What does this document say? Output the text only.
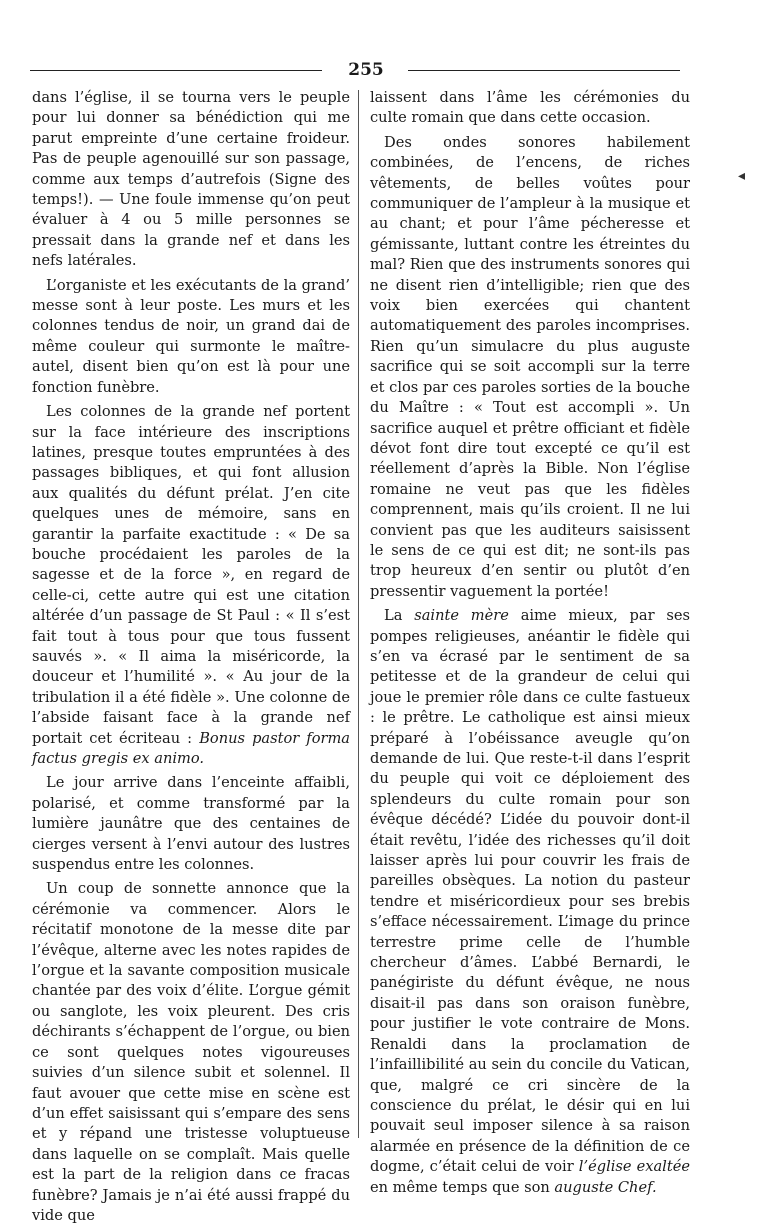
255

dans l’église, il se tourna vers le peuple pour lui donner sa bénédiction qui me parut empreinte d’une certaine froideur. Pas de peuple agenouillé sur son passage, comme aux temps d’autrefois (Signe des temps!). — Une foule immense qu’on peut évaluer à 4 ou 5 mille personnes se pressait dans la grande nef et dans les nefs latérales.

L’organiste et les exécutants de la grand’ messe sont à leur poste. Les murs et les colonnes tendus de noir, un grand dai de même couleur qui surmonte le maître-autel, disent bien qu’on est là pour une fonction funèbre.

Les colonnes de la grande nef portent sur la face intérieure des inscriptions latines, presque toutes empruntées à des passages bibliques, et qui font allusion aux qualités du défunt prélat. J’en cite quelques unes de mémoire, sans en garantir la parfaite exactitude : « De sa bouche procédaient les paroles de la sagesse et de la force », en regard de celle-ci, cette autre qui est une citation altérée d’un passage de St Paul : « Il s’est fait tout à tous pour que tous fussent sauvés ». « Il aima la miséricorde, la douceur et l’humilité ». « Au jour de la tribulation il a été fidèle ». Une colonne de l’abside faisant face à la grande nef portait cet écriteau : Bonus pastor forma factus gregis ex animo.

Le jour arrive dans l’enceinte affaibli, polarisé, et comme transformé par la lumière jaunâtre que des centaines de cierges versent à l’envi autour des lustres suspendus entre les colonnes.

Un coup de sonnette annonce que la cérémonie va commencer. Alors le récitatif monotone de la messe dite par l’évêque, alterne avec les notes rapides de l’orgue et la savante composition musicale chantée par des voix d’élite. L’orgue gémit ou sanglote, les voix pleurent. Des cris déchirants s’échappent de l’orgue, ou bien ce sont quelques notes vigoureuses suivies d’un silence subit et solennel. Il faut avouer que cette mise en scène est d’un effet saisissant qui s’empare des sens et y répand une tristesse voluptueuse dans laquelle on se complaît. Mais quelle est la part de la religion dans ce fracas funèbre? Jamais je n’ai été aussi frappé du vide que

laissent dans l’âme les cérémonies du culte romain que dans cette occasion.

Des ondes sonores habilement combinées, de l’encens, de riches vêtements, de belles voûtes pour communiquer de l’ampleur à la musique et au chant; et pour l’âme pécheresse et gémissante, luttant contre les étreintes du mal? Rien que des instruments sonores qui ne disent rien d’intelligible; rien que des voix bien exercées qui chantent automatiquement des paroles incomprises. Rien qu’un simulacre du plus auguste sacrifice qui se soit accompli sur la terre et clos par ces paroles sorties de la bouche du Maître : « Tout est accompli ». Un sacrifice auquel et prêtre officiant et fidèle dévot font dire tout excepté ce qu’il est réellement d’après la Bible. Non l’église romaine ne veut pas que les fidèles comprennent, mais qu’ils croient. Il ne lui convient pas que les auditeurs saisissent le sens de ce qui est dit; ne sont-ils pas trop heureux d’en sentir ou plutôt d’en pressentir vaguement la portée!

La sainte mère aime mieux, par ses pompes religieuses, anéantir le fidèle qui s’en va écrasé par le sentiment de sa petitesse et de la grandeur de celui qui joue le premier rôle dans ce culte fastueux : le prêtre. Le catholique est ainsi mieux préparé à l’obéissance aveugle qu’on demande de lui. Que reste-t-il dans l’esprit du peuple qui voit ce déploiement des splendeurs du culte romain pour son évêque décédé? L’idée du pouvoir dont-il était revêtu, l’idée des richesses qu’il doit laisser après lui pour couvrir les frais de pareilles obsèques. La notion du pasteur tendre et miséricordieux pour ses brebis s’efface nécessairement. L’image du prince terrestre prime celle de l’humble chercheur d’âmes. L’abbé Bernardi, le panégiriste du défunt évêque, ne nous disait-il pas dans son oraison funèbre, pour justifier le vote contraire de Mons. Renaldi dans la proclamation de l’infaillibilité au sein du concile du Vatican, que, malgré ce cri sincère de la conscience du prélat, le désir qui en lui pouvait seul imposer silence à sa raison alarmée en présence de la définition de ce dogme, c’était celui de voir l’église exaltée en même temps que son auguste Chef.

◂
